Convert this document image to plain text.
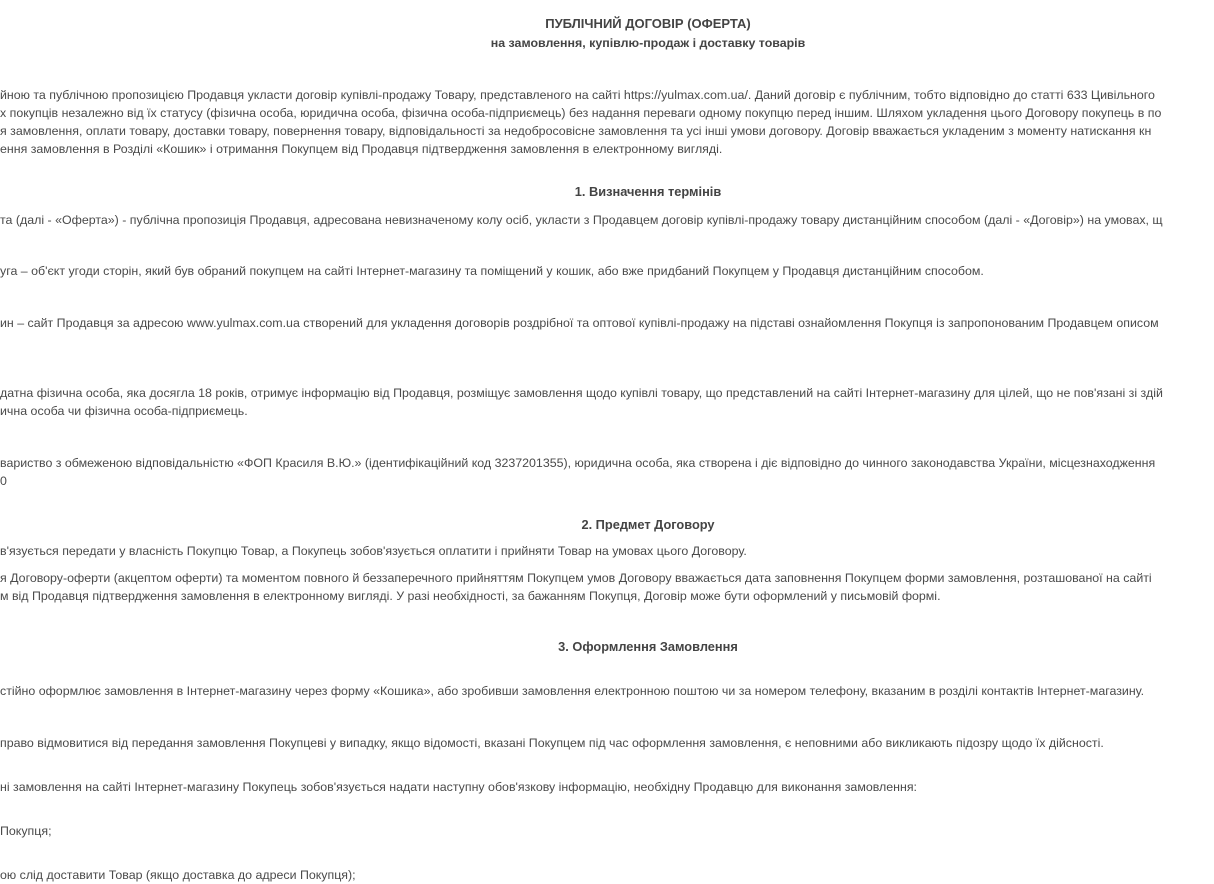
ПУБЛІЧНИЙ ДОГОВІР (ОФЕРТА)
на замовлення, купівлю-продаж і доставку товарів
йною та публічною пропозицією Продавця укласти договір купівлі-продажу Товару, представленого на сайті https://yulmax.com.ua/. Даний договір є публічним, тобто відповідно до статті 633 Цивільного
х покупців незалежно від їх статусу (фізична особа, юридична особа, фізична особа-підприємець) без надання переваги одному покупцю перед іншим. Шляхом укладення цього Договору покупець в по
я замовлення, оплати товару, доставки товару, повернення товару, відповідальності за недобросовісне замовлення та усі інші умови договору. Договір вважається укладеним з моменту натискання кн
ення замовлення в Розділі «Кошик» і отримання Покупцем від Продавця підтвердження замовлення в електронному вигляді.
1. Визначення термінів
та (далі - «Оферта») - публічна пропозиція Продавця, адресована невизначеному колу осіб, укласти з Продавцем договір купівлі-продажу товару дистанційним способом (далі - «Договір») на умовах, щ
уга – об'єкт угоди сторін, який був обраний покупцем на сайті Інтернет-магазину та поміщений у кошик, або вже придбаний Покупцем у Продавця дистанційним способом.
ин – сайт Продавця за адресою www.yulmax.com.ua створений для укладення договорів роздрібної та оптової купівлі-продажу на підставі ознайомлення Покупця із запропонованим Продавцем описом
датна фізична особа, яка досягла 18 років, отримує інформацію від Продавця, розміщує замовлення щодо купівлі товару, що представлений на сайті Інтернет-магазину для цілей, що не пов'язані зі здій
ична особа чи фізична особа-підприємець.
вариство з обмеженою відповідальністю «ФОП Красиля В.Ю.» (ідентифікаційний код 3237201355), юридична особа, яка створена і діє відповідно до чинного законодавства України, місцезнаходження
0
2. Предмет Договору
в'язується передати у власність Покупцю Товар, а Покупець зобов'язується оплатити і прийняти Товар на умовах цього Договору.
я Договору-оферти (акцептом оферти) та моментом повного й беззаперечного прийняттям Покупцем умов Договору вважається дата заповнення Покупцем форми замовлення, розташованої на сайті
м від Продавця підтвердження замовлення в електронному вигляді. У разі необхідності, за бажанням Покупця, Договір може бути оформлений у письмовій формі.
3. Оформлення Замовлення
стійно оформлює замовлення в Інтернет-магазину через форму «Кошика», або зробивши замовлення електронною поштою чи за номером телефону, вказаним в розділі контактів Інтернет-магазину.
право відмовитися від передання замовлення Покупцеві у випадку, якщо відомості, вказані Покупцем під час оформлення замовлення, є неповними або викликають підозру щодо їх дійсності.
ні замовлення на сайті Інтернет-магазину Покупець зобов'язується надати наступну обов'язкову інформацію, необхідну Продавцю для виконання замовлення:
Покупця;
ою слід доставити Товар (якщо доставка до адреси Покупця);
